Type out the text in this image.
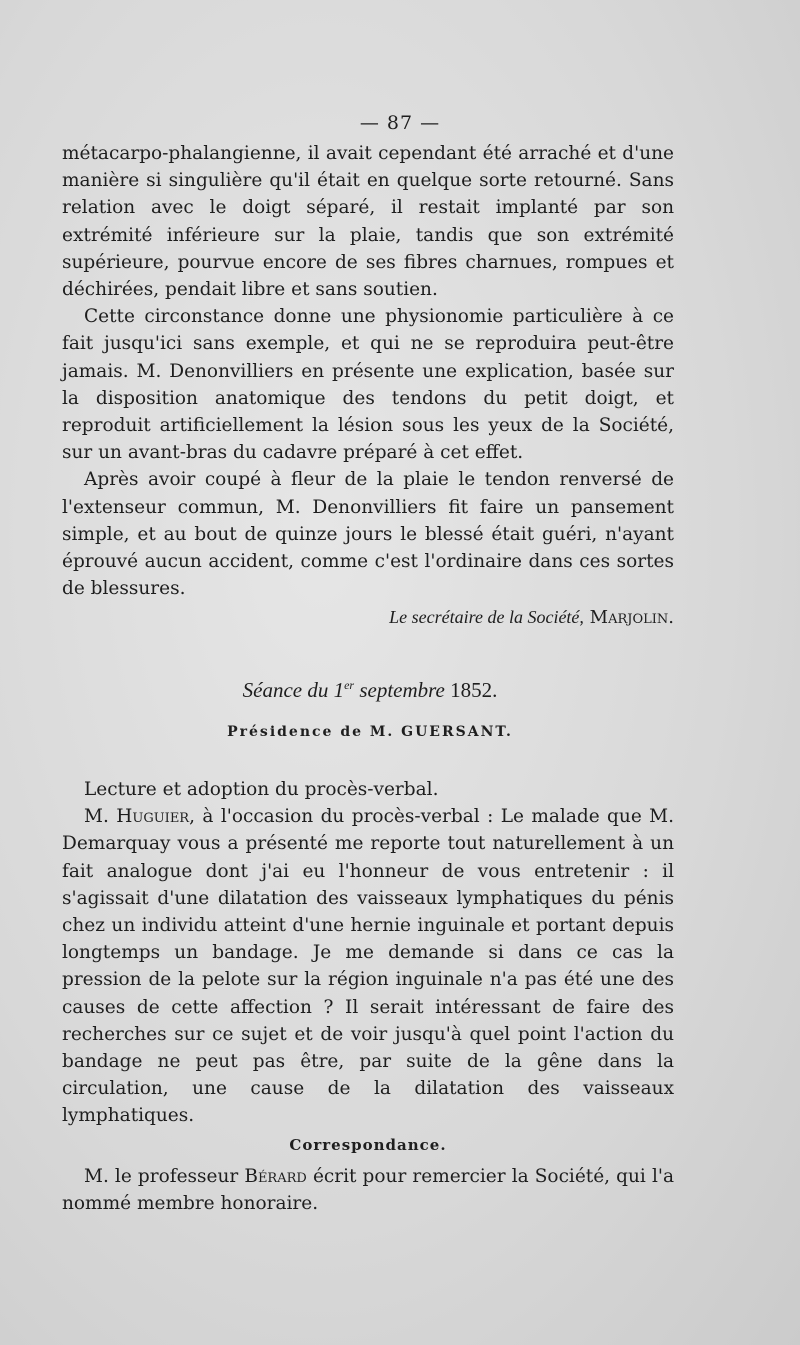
— 87 —

métacarpo-phalangienne, il avait cependant été arraché et d'une manière si singulière qu'il était en quelque sorte retourné. Sans relation avec le doigt séparé, il restait implanté par son extrémité inférieure sur la plaie, tandis que son extrémité supérieure, pourvue encore de ses fibres charnues, rompues et déchirées, pendait libre et sans soutien.

Cette circonstance donne une physionomie particulière à ce fait jusqu'ici sans exemple, et qui ne se reproduira peut-être jamais. M. Denonvilliers en présente une explication, basée sur la disposition anatomique des tendons du petit doigt, et reproduit artificiellement la lésion sous les yeux de la Société, sur un avant-bras du cadavre préparé à cet effet.

Après avoir coupé à fleur de la plaie le tendon renversé de l'extenseur commun, M. Denonvilliers fit faire un pansement simple, et au bout de quinze jours le blessé était guéri, n'ayant éprouvé aucun accident, comme c'est l'ordinaire dans ces sortes de blessures.

Le secrétaire de la Société, Marjolin.

Séance du 1er septembre 1852.
Présidence de M. GUERSANT.

Lecture et adoption du procès-verbal.

M. Huguier, à l'occasion du procès-verbal : Le malade que M. Demarquay vous a présenté me reporte tout naturellement à un fait analogue dont j'ai eu l'honneur de vous entretenir : il s'agissait d'une dilatation des vaisseaux lymphatiques du pénis chez un individu atteint d'une hernie inguinale et portant depuis longtemps un bandage. Je me demande si dans ce cas la pression de la pelote sur la région inguinale n'a pas été une des causes de cette affection ? Il serait intéressant de faire des recherches sur ce sujet et de voir jusqu'à quel point l'action du bandage ne peut pas être, par suite de la gêne dans la circulation, une cause de la dilatation des vaisseaux lymphatiques.

Correspondance.

M. le professeur Bérard écrit pour remercier la Société, qui l'a nommé membre honoraire.
